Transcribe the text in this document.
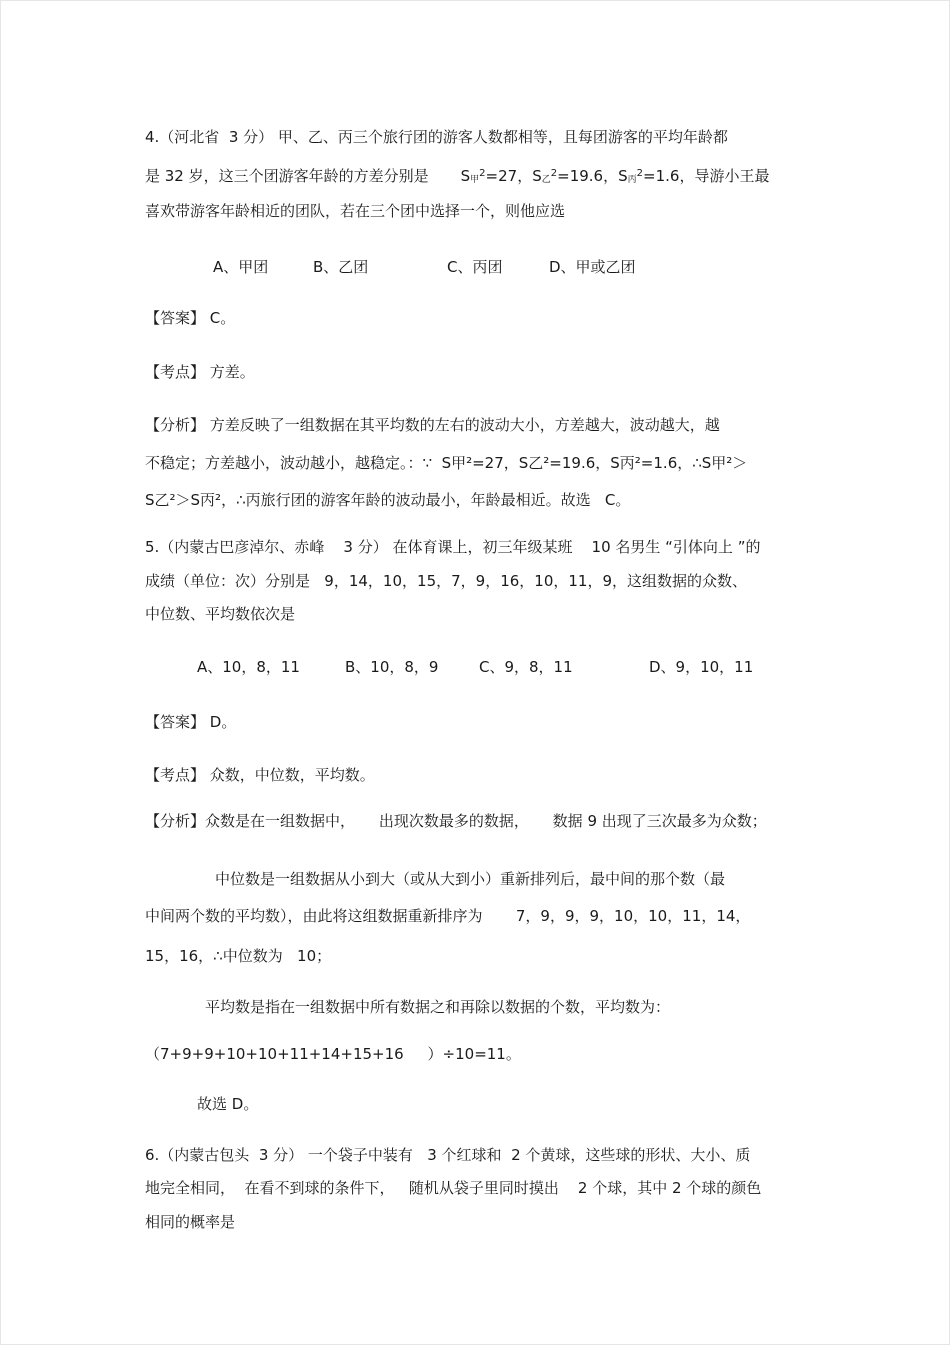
4.（河北省  3 分） 甲、乙、丙三个旅行团的游客人数都相等，且每团游客的平均年龄都
是 32 岁，这三个团游客年龄的方差分别是 $S_甲^2=27$，$S_乙^2=19.6$，$S_丙^2=1.6$，导游小王最
喜欢带游客年龄相近的团队，若在三个团中选择一个，则他应选
A、甲团	B、乙团	C、丙团	D、甲或乙团
【答案】 C。
【考点】 方差。
【分析】 方差反映了一组数据在其平均数的左右的波动大小，方差越大，波动越大，越
不稳定；方差越小，波动越小，越稳定。：∵  S甲²=27，S乙²=19.6，S丙²=1.6，∴S甲²＞
S乙²＞S丙²，∴丙旅行团的游客年龄的波动最小，年龄最相近。故选   C。
5.（内蒙古巴彦淖尔、赤峰    3 分） 在体育课上，初三年级某班    10 名男生 “引体向上 ”的
成绩（单位：次）分别是   9，14，10，15，7，9，16，10，11，9，这组数据的众数、
中位数、平均数依次是
A、10，8，11	B、10，8，9	C、9，8，11	D、9，10，11
【答案】 D。
【考点】 众数，中位数，平均数。
【分析】众数是在一组数据中，     出现次数最多的数据，     数据 9 出现了三次最多为众数；
中位数是一组数据从小到大（或从大到小）重新排列后，最中间的那个数（最
中间两个数的平均数），由此将这组数据重新排序为       7，9，9，9，10，10，11，14，
15，16，∴中位数为   10；
平均数是指在一组数据中所有数据之和再除以数据的个数，平均数为：
（7+9+9+10+10+11+14+15+16     ）÷10=11。
故选 D。
6.（内蒙古包头  3 分） 一个袋子中装有   3 个红球和  2 个黄球，这些球的形状、大小、质
地完全相同，  在看不到球的条件下，   随机从袋子里同时摸出    2 个球，其中 2 个球的颜色
相同的概率是
